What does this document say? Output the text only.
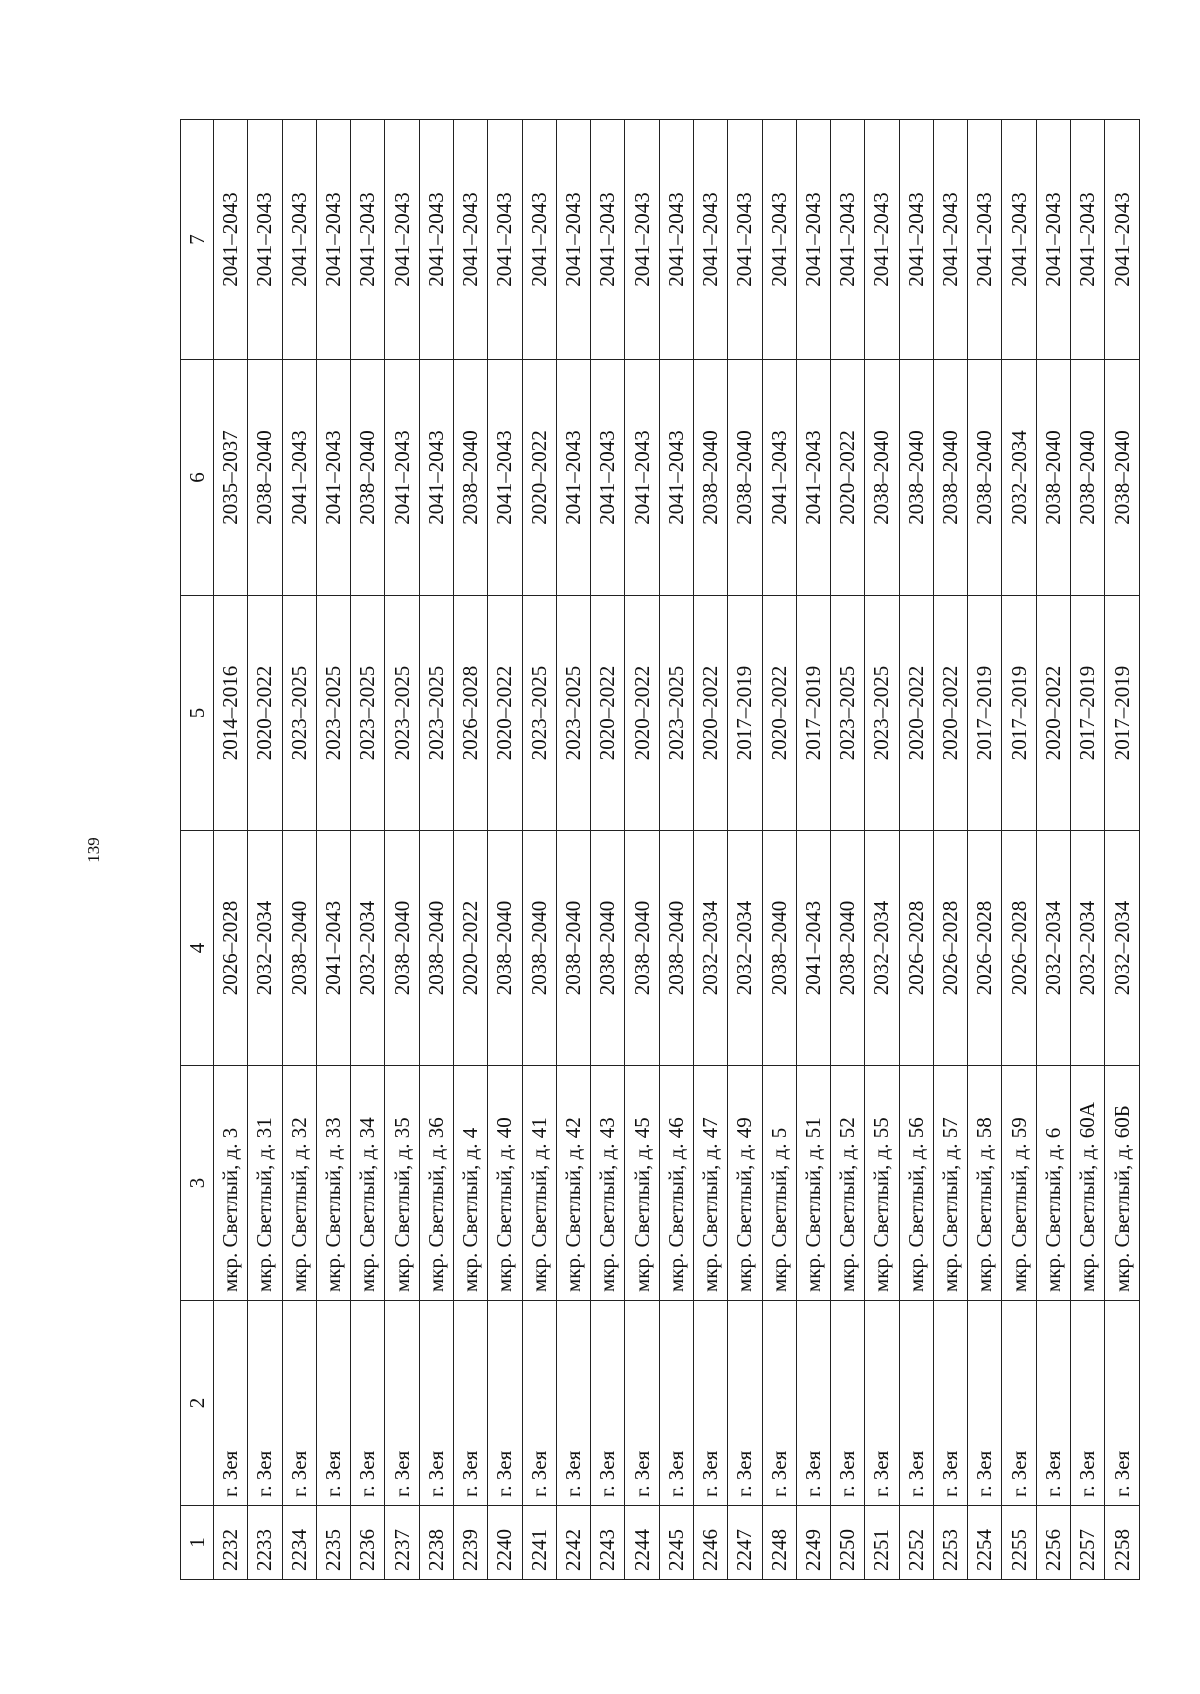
139
1	2	3	4	5	6	7
2232	г. Зея	мкр. Светлый, д. 3	2026–2028	2014–2016	2035–2037	2041–2043
2233	г. Зея	мкр. Светлый, д. 31	2032–2034	2020–2022	2038–2040	2041–2043
2234	г. Зея	мкр. Светлый, д. 32	2038–2040	2023–2025	2041–2043	2041–2043
2235	г. Зея	мкр. Светлый, д. 33	2041–2043	2023–2025	2041–2043	2041–2043
2236	г. Зея	мкр. Светлый, д. 34	2032–2034	2023–2025	2038–2040	2041–2043
2237	г. Зея	мкр. Светлый, д. 35	2038–2040	2023–2025	2041–2043	2041–2043
2238	г. Зея	мкр. Светлый, д. 36	2038–2040	2023–2025	2041–2043	2041–2043
2239	г. Зея	мкр. Светлый, д. 4	2020–2022	2026–2028	2038–2040	2041–2043
2240	г. Зея	мкр. Светлый, д. 40	2038–2040	2020–2022	2041–2043	2041–2043
2241	г. Зея	мкр. Светлый, д. 41	2038–2040	2023–2025	2020–2022	2041–2043
2242	г. Зея	мкр. Светлый, д. 42	2038–2040	2023–2025	2041–2043	2041–2043
2243	г. Зея	мкр. Светлый, д. 43	2038–2040	2020–2022	2041–2043	2041–2043
2244	г. Зея	мкр. Светлый, д. 45	2038–2040	2020–2022	2041–2043	2041–2043
2245	г. Зея	мкр. Светлый, д. 46	2038–2040	2023–2025	2041–2043	2041–2043
2246	г. Зея	мкр. Светлый, д. 47	2032–2034	2020–2022	2038–2040	2041–2043
2247	г. Зея	мкр. Светлый, д. 49	2032–2034	2017–2019	2038–2040	2041–2043
2248	г. Зея	мкр. Светлый, д. 5	2038–2040	2020–2022	2041–2043	2041–2043
2249	г. Зея	мкр. Светлый, д. 51	2041–2043	2017–2019	2041–2043	2041–2043
2250	г. Зея	мкр. Светлый, д. 52	2038–2040	2023–2025	2020–2022	2041–2043
2251	г. Зея	мкр. Светлый, д. 55	2032–2034	2023–2025	2038–2040	2041–2043
2252	г. Зея	мкр. Светлый, д. 56	2026–2028	2020–2022	2038–2040	2041–2043
2253	г. Зея	мкр. Светлый, д. 57	2026–2028	2020–2022	2038–2040	2041–2043
2254	г. Зея	мкр. Светлый, д. 58	2026–2028	2017–2019	2038–2040	2041–2043
2255	г. Зея	мкр. Светлый, д. 59	2026–2028	2017–2019	2032–2034	2041–2043
2256	г. Зея	мкр. Светлый, д. 6	2032–2034	2020–2022	2038–2040	2041–2043
2257	г. Зея	мкр. Светлый, д. 60А	2032–2034	2017–2019	2038–2040	2041–2043
2258	г. Зея	мкр. Светлый, д. 60Б	2032–2034	2017–2019	2038–2040	2041–2043
